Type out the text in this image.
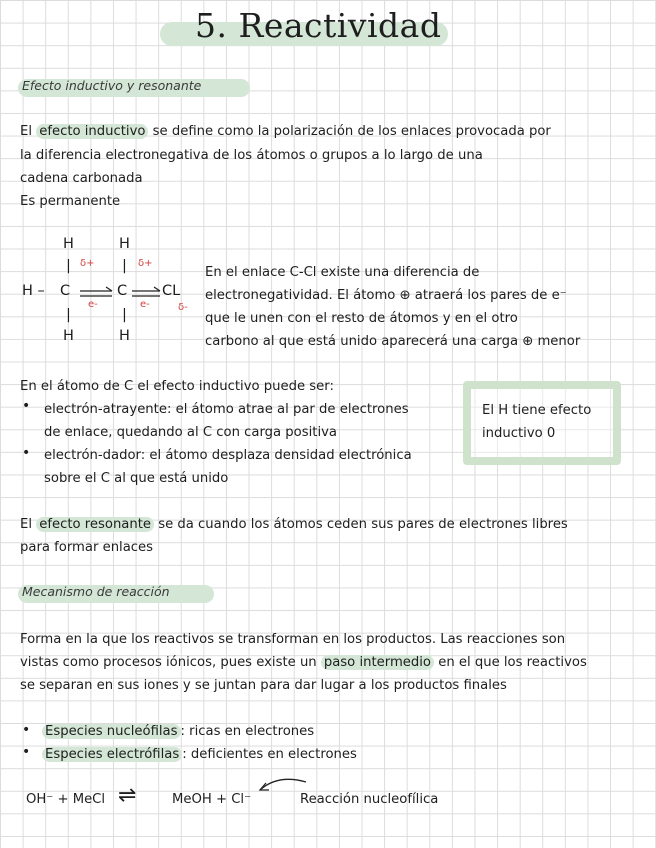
5. Reactividad
Efecto inductivo y resonante
El efecto inductivo se define como la polarización de los enlaces provocada por
la diferencia electronegativa de los átomos o grupos a lo largo de una
cadena carbonada
Es permanente
H	H
|	|
δ+	δ+
H – C	C CL
e-	e-	δ-
|	|
H	H
En el enlace C-Cl existe una diferencia de
electronegatividad. El átomo ⊕ atraerá los pares de e⁻
que le unen con el resto de átomos y en el otro
carbono al que está unido aparecerá una carga ⊕ menor
En el átomo de C el efecto inductivo puede ser:
• electrón-atrayente: el átomo atrae al par de electrones
de enlace, quedando al C con carga positiva
• electrón-dador: el átomo desplaza densidad electrónica
sobre el C al que está unido
El H tiene efecto
inductivo 0
El efecto resonante se da cuando los átomos ceden sus pares de electrones libres
para formar enlaces
Mecanismo de reacción
Forma en la que los reactivos se transforman en los productos. Las reacciones son
vistas como procesos iónicos, pues existe un paso intermedio en el que los reactivos
se separan en sus iones y se juntan para dar lugar a los productos finales
• Especies nucleófilas : ricas en electrones
• Especies electrófilas : deficientes en electrones
OH⁻ + MeCl ⇌	MeOH + Cl⁻	Reacción nucleofílica
